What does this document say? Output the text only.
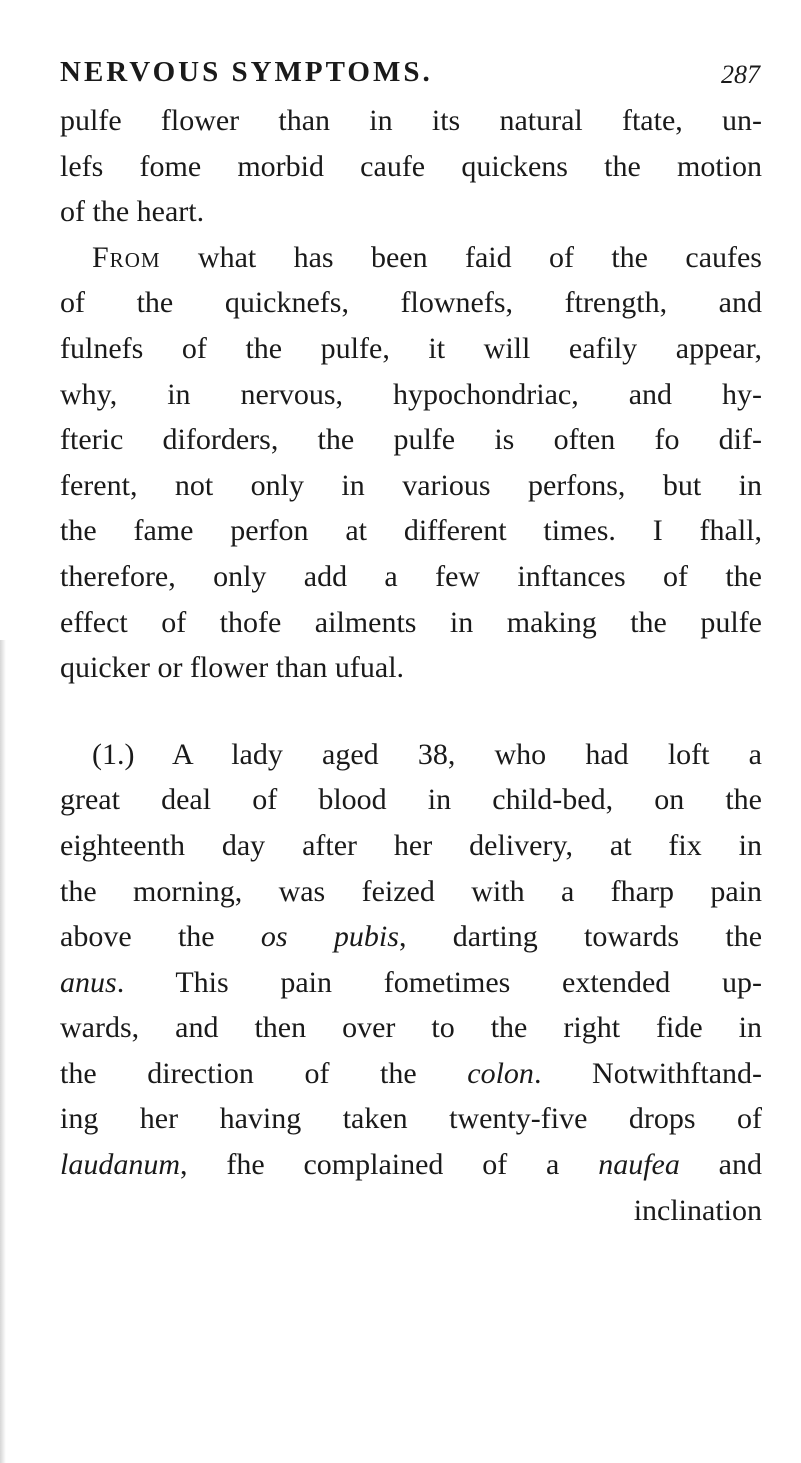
NERVOUS SYMPTOMS.	287
pulfe flower than in its natural ftate, un-
lefs fome morbid caufe quickens the motion
of the heart.
From what has been faid of the caufes
of the quicknefs, flownefs, ftrength, and
fulnefs of the pulfe, it will eafily appear,
why, in nervous, hypochondriac, and hy-
fteric diforders, the pulfe is often fo dif-
ferent, not only in various perfons, but in
the fame perfon at different times. I fhall,
therefore, only add a few inftances of the
effect of thofe ailments in making the pulfe
quicker or flower than ufual.
(1.) A lady aged 38, who had loft a
great deal of blood in child-bed, on the
eighteenth day after her delivery, at fix in
the morning, was feized with a fharp pain
above the os pubis, darting towards the
anus. This pain fometimes extended up-
wards, and then over to the right fide in
the direction of the colon. Notwithftand-
ing her having taken twenty-five drops of
laudanum, fhe complained of a naufea and
inclination
